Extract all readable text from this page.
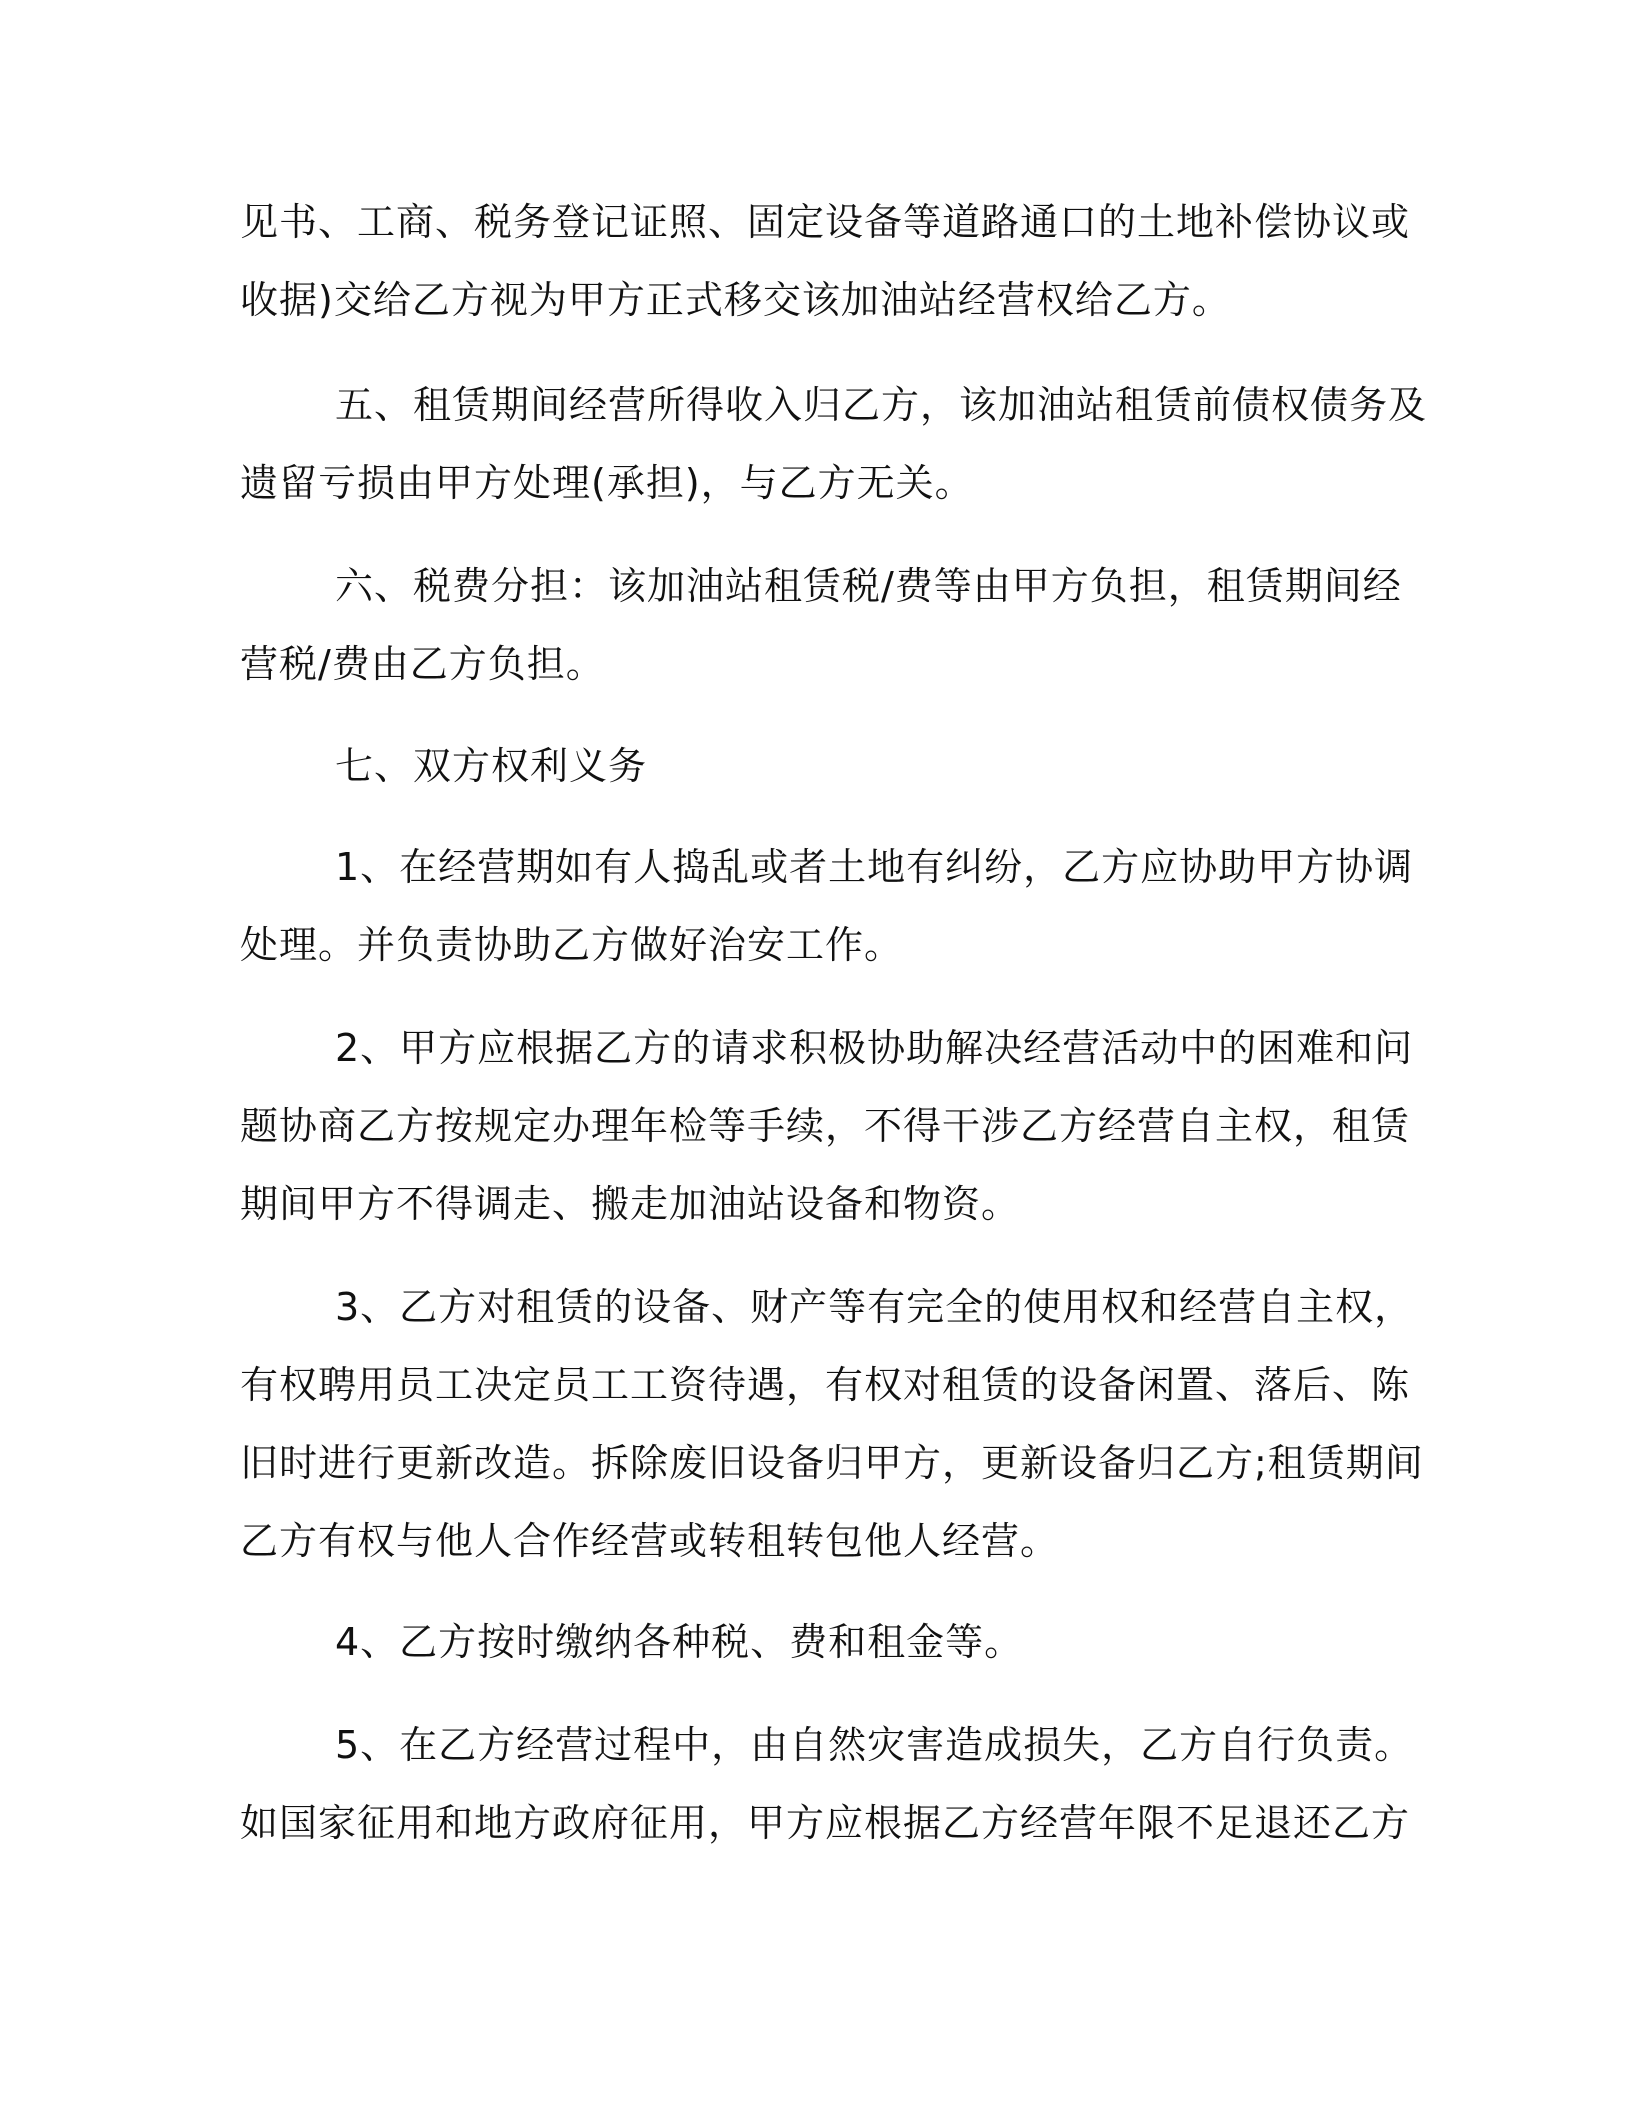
见书、工商、税务登记证照、固定设备等道路通口的土地补偿协议或
收据)交给乙方视为甲方正式移交该加油站经营权给乙方。
五、租赁期间经营所得收入归乙方，该加油站租赁前债权债务及
遗留亏损由甲方处理(承担)，与乙方无关。
六、税费分担：该加油站租赁税/费等由甲方负担，租赁期间经
营税/费由乙方负担。
七、双方权利义务
1、在经营期如有人捣乱或者土地有纠纷，乙方应协助甲方协调
处理。并负责协助乙方做好治安工作。
2、甲方应根据乙方的请求积极协助解决经营活动中的困难和问
题协商乙方按规定办理年检等手续，不得干涉乙方经营自主权，租赁
期间甲方不得调走、搬走加油站设备和物资。
3、乙方对租赁的设备、财产等有完全的使用权和经营自主权，
有权聘用员工决定员工工资待遇，有权对租赁的设备闲置、落后、陈
旧时进行更新改造。拆除废旧设备归甲方，更新设备归乙方;租赁期间
乙方有权与他人合作经营或转租转包他人经营。
4、乙方按时缴纳各种税、费和租金等。
5、在乙方经营过程中，由自然灾害造成损失，乙方自行负责。
如国家征用和地方政府征用，甲方应根据乙方经营年限不足退还乙方
